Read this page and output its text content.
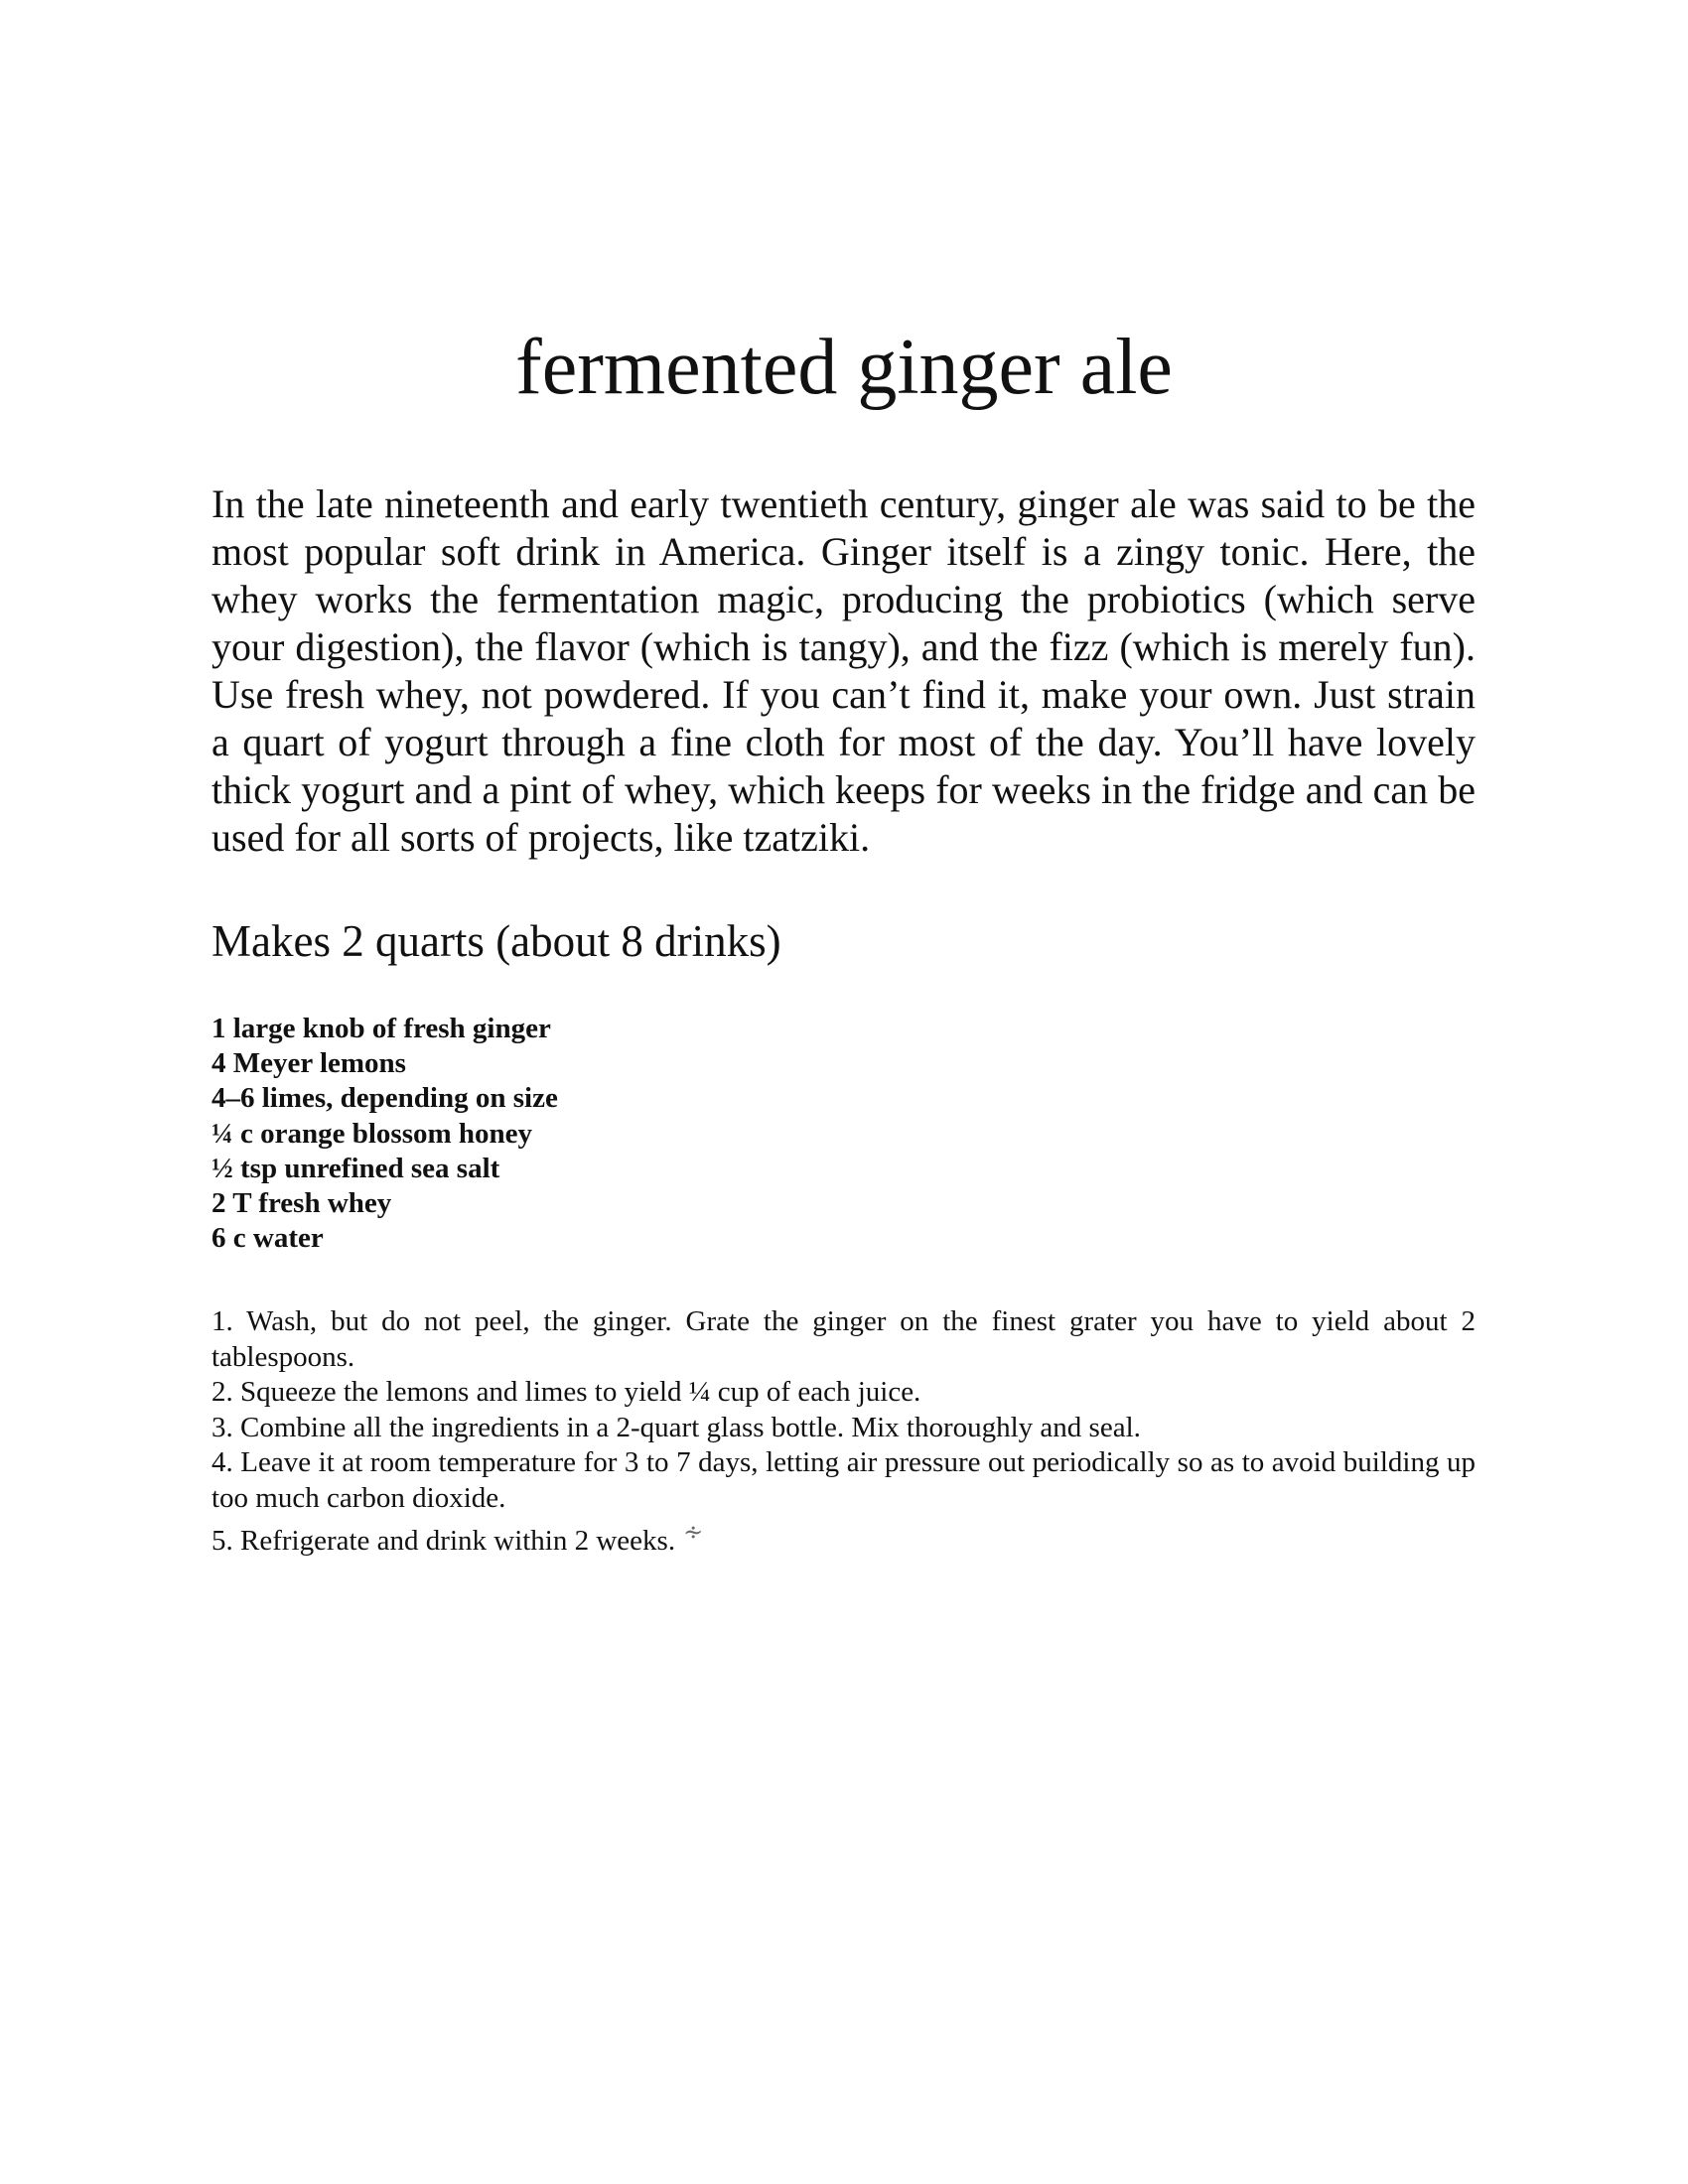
fermented ginger ale

In the late nineteenth and early twentieth century, ginger ale was said to be the most popular soft drink in America. Ginger itself is a zingy tonic. Here, the whey works the fermentation magic, producing the probiotics (which serve your digestion), the flavor (which is tangy), and the fizz (which is merely fun). Use fresh whey, not powdered. If you can’t find it, make your own. Just strain a quart of yogurt through a fine cloth for most of the day. You’ll have lovely thick yogurt and a pint of whey, which keeps for weeks in the fridge and can be used for all sorts of projects, like tzatziki.

Makes 2 quarts (about 8 drinks)

1 large knob of fresh ginger
4 Meyer lemons
4–6 limes, depending on size
¼ c orange blossom honey
½ tsp unrefined sea salt
2 T fresh whey
6 c water
1. Wash, but do not peel, the ginger. Grate the ginger on the finest grater you have to yield about 2 tablespoons.
2. Squeeze the lemons and limes to yield ¼ cup of each juice.
3. Combine all the ingredients in a 2-quart glass bottle. Mix thoroughly and seal.
4. Leave it at room temperature for 3 to 7 days, letting air pressure out periodically so as to avoid building up too much carbon dioxide.
5. Refrigerate and drink within 2 weeks. ∻
